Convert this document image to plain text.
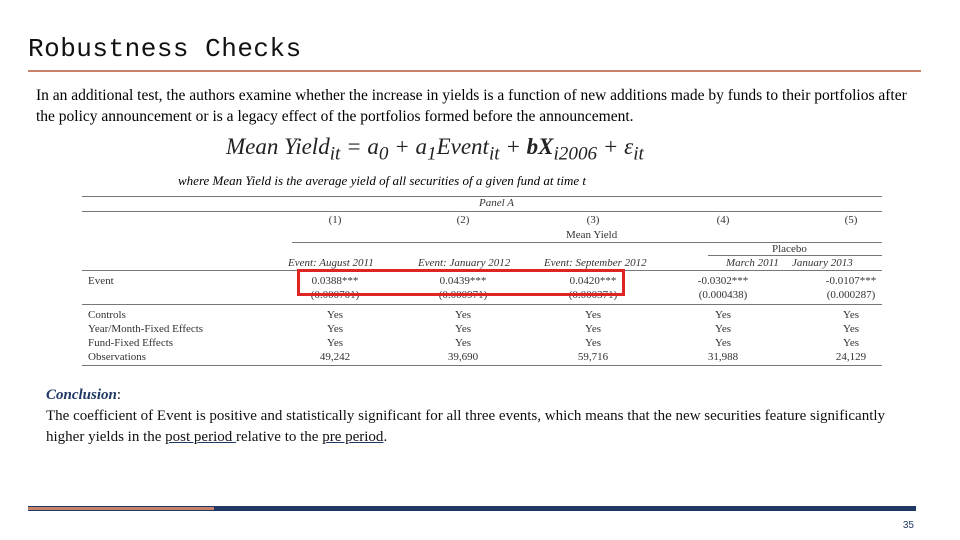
Robustness Checks
In an additional test, the authors examine whether the increase in yields is a function of new additions made by funds to their portfolios after the policy announcement or is a legacy effect of the portfolios formed before the announcement.
Mean Yield$_{it}$ = $a_0$ + $a_1Event_{it} + bX_{i2006} + \varepsilon_{it}$
where Mean Yield is the average yield of all securities of a given fund at time t
Panel A
(1)	(2)	(3)	(4)	(5)
Mean Yield
Placebo
Event: August 2011	Event: January 2012	Event: September 2012	March 2011 January 2013
Event	0.0388***	0.0439***	0.0420***	-0.0302***	-0.0107***
(0.000701)	(0.000971)	(0.000371)	(0.000438)	(0.000287)
Controls	Yes	Yes	Yes	Yes	Yes
Year/Month-Fixed Effects	Yes	Yes	Yes	Yes	Yes
Fund-Fixed Effects	Yes	Yes	Yes	Yes	Yes
Observations	49,242	39,690	59,716	31,988	24,129
Conclusion:
The coefficient of Event is positive and statistically significant for all three events, which means that the new securities feature significantly higher yields in the post period relative to the pre period.
35
